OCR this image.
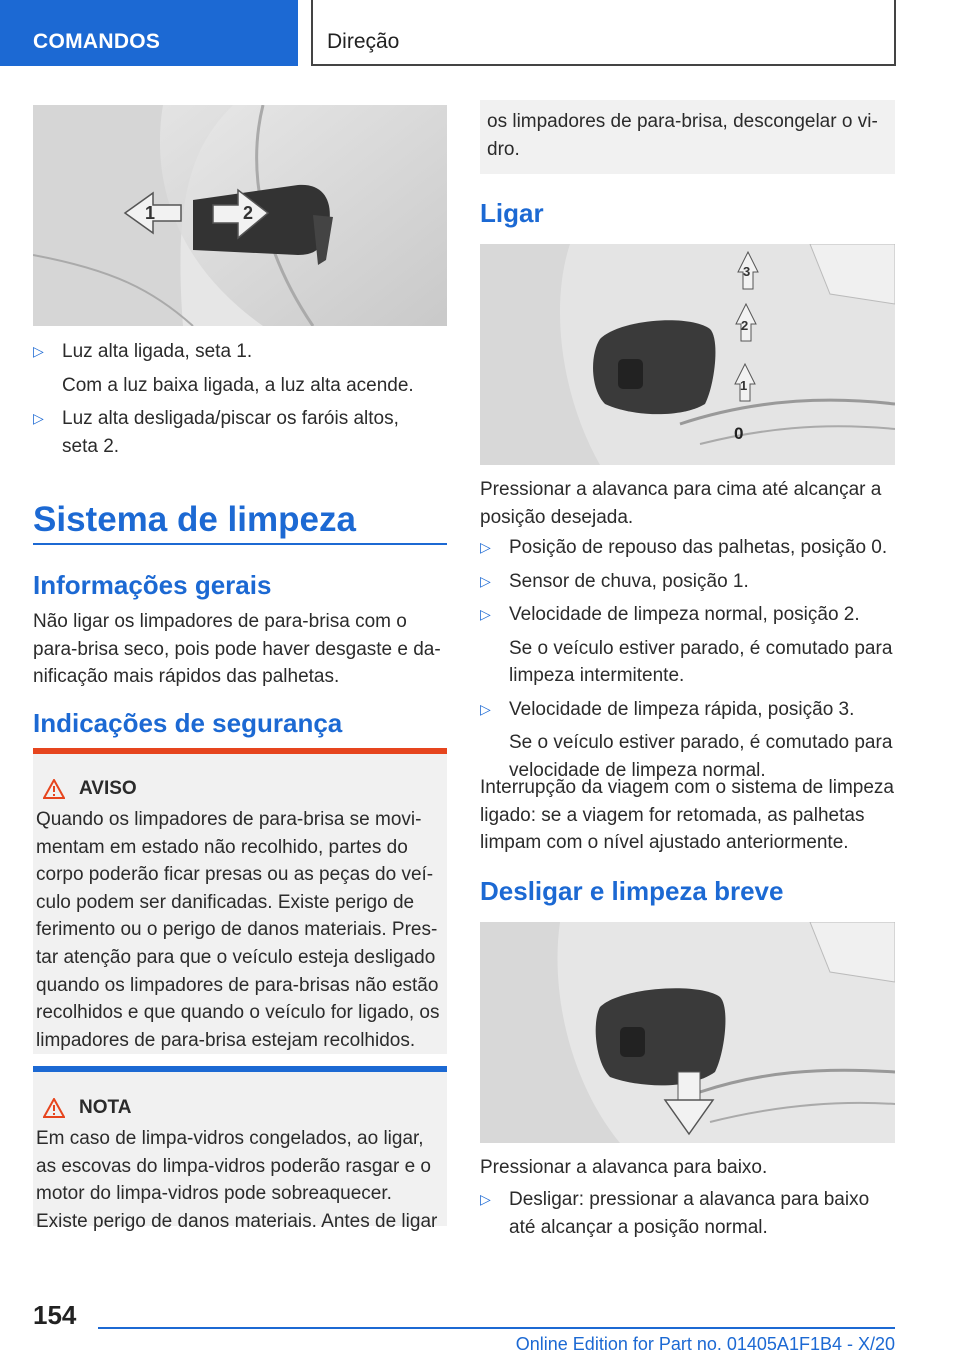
COMANDOS	Direção
1	2
▷ Luz alta ligada, seta 1.
Com a luz baixa ligada, a luz alta acende.
▷ Luz alta desligada/piscar os faróis altos, seta 2.
Sistema de limpeza
Informações gerais

Não ligar os limpadores de para-brisa com o para-brisa seco, pois pode haver desgaste e danificação mais rápidos das palhetas.

Indicações de segurança
AVISO
Quando os limpadores de para-brisa se movimentam em estado não recolhido, partes do corpo poderão ficar presas ou as peças do veículo podem ser danificadas. Existe perigo de ferimento ou o perigo de danos materiais. Prestar atenção para que o veículo esteja desligado quando os limpadores de para-brisas não estão recolhidos e que quando o veículo for ligado, os limpadores de para-brisa estejam recolhidos.
NOTA
Em caso de limpa-vidros congelados, ao ligar, as escovas do limpa-vidros poderão rasgar e o motor do limpa-vidros pode sobreaquecer. Existe perigo de danos materiais. Antes de ligar
os limpadores de para-brisa, descongelar o vidro.
Ligar
3
2
1
0

Pressionar a alavanca para cima até alcançar a posição desejada.

▷ Posição de repouso das palhetas, posição 0.
▷ Sensor de chuva, posição 1.
▷ Velocidade de limpeza normal, posição 2.
Se o veículo estiver parado, é comutado para limpeza intermitente.
▷ Velocidade de limpeza rápida, posição 3.
Se o veículo estiver parado, é comutado para velocidade de limpeza normal.

Interrupção da viagem com o sistema de limpeza ligado: se a viagem for retomada, as palhetas limpam com o nível ajustado anteriormente.

Desligar e limpeza breve

Pressionar a alavanca para baixo.

▷ Desligar: pressionar a alavanca para baixo até alcançar a posição normal.
154
Online Edition for Part no. 01405A1F1B4 - X/20
